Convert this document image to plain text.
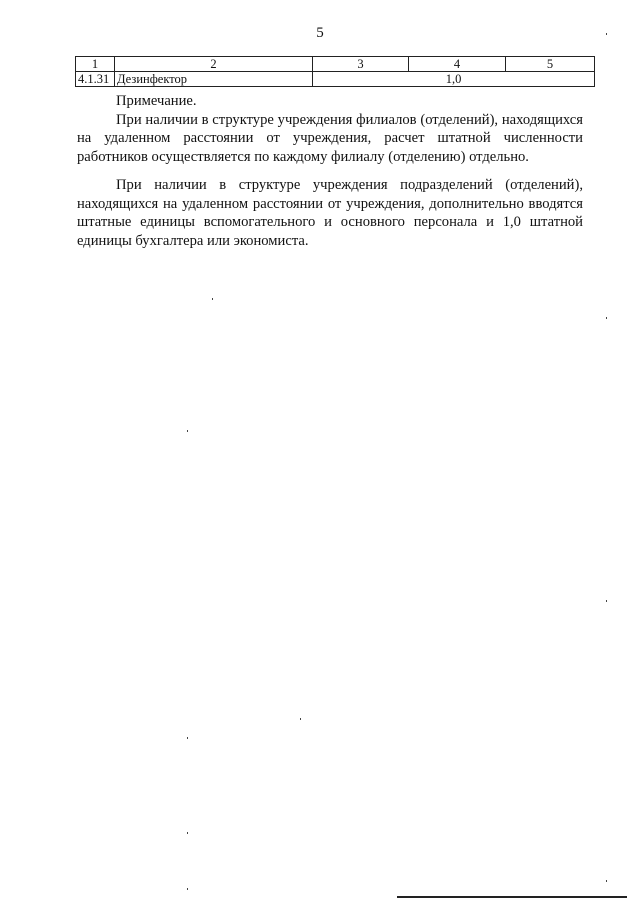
5
1	2	3	4	5
4.1.31	Дезинфектор	1,0		

Примечание.

При наличии в структуре учреждения филиалов (отделений), находящихся на удаленном расстоянии от учреждения, расчет штатной численности работников осуществляется по каждому филиалу (отделению) отдельно.

При наличии в структуре учреждения подразделений (отделений), находящихся на удаленном расстоянии от учреждения, дополнительно вводятся штатные единицы вспомогательного и основного персонала и 1,0 штатной единицы бухгалтера или экономиста.
